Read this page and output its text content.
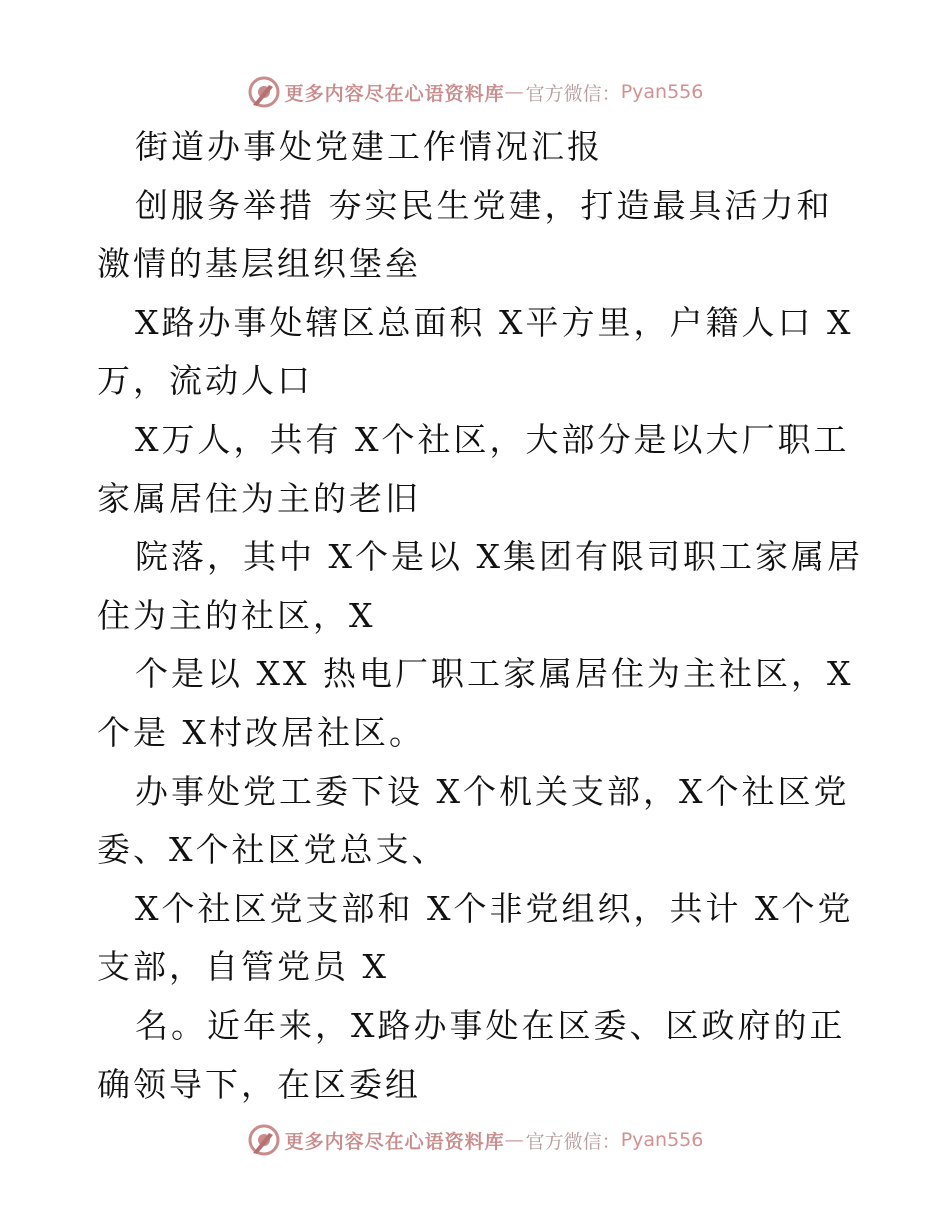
更多内容尽在心语资料库 — 官方微信： Pyan556

街道办事处党建工作情况汇报

创服务举措 夯实民生党建，打造最具活力和激情的基层组织堡垒

X路办事处辖区总面积 X平方里，户籍人口 X 万，流动人口

X万人，共有 X个社区，大部分是以大厂职工家属居住为主的老旧

院落，其中 X个是以 X集团有限司职工家属居住为主的社区，X

个是以 XX 热电厂职工家属居住为主社区，X个是 X村改居社区。

办事处党工委下设 X个机关支部，X个社区党委、X个社区党总支、

X个社区党支部和 X个非党组织，共计 X个党支部，自管党员 X

名。近年来，X路办事处在区委、区政府的正确领导下，在区委组

更多内容尽在心语资料库 — 官方微信： Pyan556
